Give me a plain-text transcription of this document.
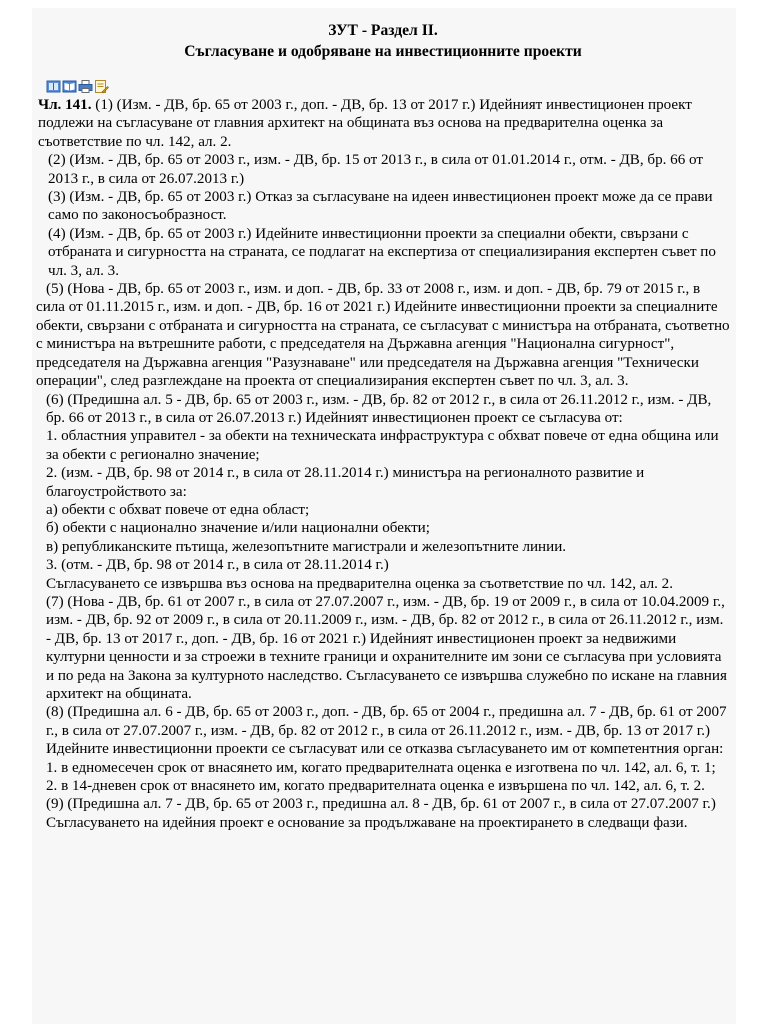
ЗУТ - Раздел II.
Съгласуване и одобряване на инвестиционните проекти
Чл. 141. (1) (Изм. - ДВ, бр. 65 от 2003 г., доп. - ДВ, бр. 13 от 2017 г.) Идейният инвестиционен проект подлежи на съгласуване от главния архитект на общината въз основа на предварителна оценка за съответствие по чл. 142, ал. 2.
(2) (Изм. - ДВ, бр. 65 от 2003 г., изм. - ДВ, бр. 15 от 2013 г., в сила от 01.01.2014 г., отм. - ДВ, бр. 66 от 2013 г., в сила от 26.07.2013 г.)
(3) (Изм. - ДВ, бр. 65 от 2003 г.) Отказ за съгласуване на идеен инвестиционен проект може да се прави само по законосъобразност.
(4) (Изм. - ДВ, бр. 65 от 2003 г.) Идейните инвестиционни проекти за специални обекти, свързани с отбраната и сигурността на страната, се подлагат на експертиза от специализирания експертен съвет по чл. 3, ал. 3.
(5) (Нова - ДВ, бр. 65 от 2003 г., изм. и доп. - ДВ, бр. 33 от 2008 г., изм. и доп. - ДВ, бр. 79 от 2015 г., в сила от 01.11.2015 г., изм. и доп. - ДВ, бр. 16 от 2021 г.) Идейните инвестиционни проекти за специалните обекти, свързани с отбраната и сигурността на страната, се съгласуват с министъра на отбраната, съответно с министъра на вътрешните работи, с председателя на Държавна агенция "Национална сигурност", председателя на Държавна агенция "Разузнаване" или председателя на Държавна агенция "Технически операции", след разглеждане на проекта от специализирания експертен съвет по чл. 3, ал. 3.
(6) (Предишна ал. 5 - ДВ, бр. 65 от 2003 г., изм. - ДВ, бр. 82 от 2012 г., в сила от 26.11.2012 г., изм. - ДВ, бр. 66 от 2013 г., в сила от 26.07.2013 г.) Идейният инвестиционен проект се съгласува от:
1. областния управител - за обекти на техническата инфраструктура с обхват повече от една община или за обекти с регионално значение;
2. (изм. - ДВ, бр. 98 от 2014 г., в сила от 28.11.2014 г.) министъра на регионалното развитие и благоустройството за:
а) обекти с обхват повече от една област;
б) обекти с национално значение и/или национални обекти;
в) републиканските пътища, железопътните магистрали и железопътните линии.
3. (отм. - ДВ, бр. 98 от 2014 г., в сила от 28.11.2014 г.)
Съгласуването се извършва въз основа на предварителна оценка за съответствие по чл. 142, ал. 2.
(7) (Нова - ДВ, бр. 61 от 2007 г., в сила от 27.07.2007 г., изм. - ДВ, бр. 19 от 2009 г., в сила от 10.04.2009 г., изм. - ДВ, бр. 92 от 2009 г., в сила от 20.11.2009 г., изм. - ДВ, бр. 82 от 2012 г., в сила от 26.11.2012 г., изм. - ДВ, бр. 13 от 2017 г., доп. - ДВ, бр. 16 от 2021 г.) Идейният инвестиционен проект за недвижими културни ценности и за строежи в техните граници и охранителните им зони се съгласува при условията и по реда на Закона за културното наследство. Съгласуването се извършва служебно по искане на главния архитект на общината.
(8) (Предишна ал. 6 - ДВ, бр. 65 от 2003 г., доп. - ДВ, бр. 65 от 2004 г., предишна ал. 7 - ДВ, бр. 61 от 2007 г., в сила от 27.07.2007 г., изм. - ДВ, бр. 82 от 2012 г., в сила от 26.11.2012 г., изм. - ДВ, бр. 13 от 2017 г.) Идейните инвестиционни проекти се съгласуват или се отказва съгласуването им от компетентния орган:
1. в едномесечен срок от внасянето им, когато предварителната оценка е изготвена по чл. 142, ал. 6, т. 1;
2. в 14-дневен срок от внасянето им, когато предварителната оценка е извършена по чл. 142, ал. 6, т. 2.
(9) (Предишна ал. 7 - ДВ, бр. 65 от 2003 г., предишна ал. 8 - ДВ, бр. 61 от 2007 г., в сила от 27.07.2007 г.) Съгласуването на идейния проект е основание за продължаване на проектирането в следващи фази.
